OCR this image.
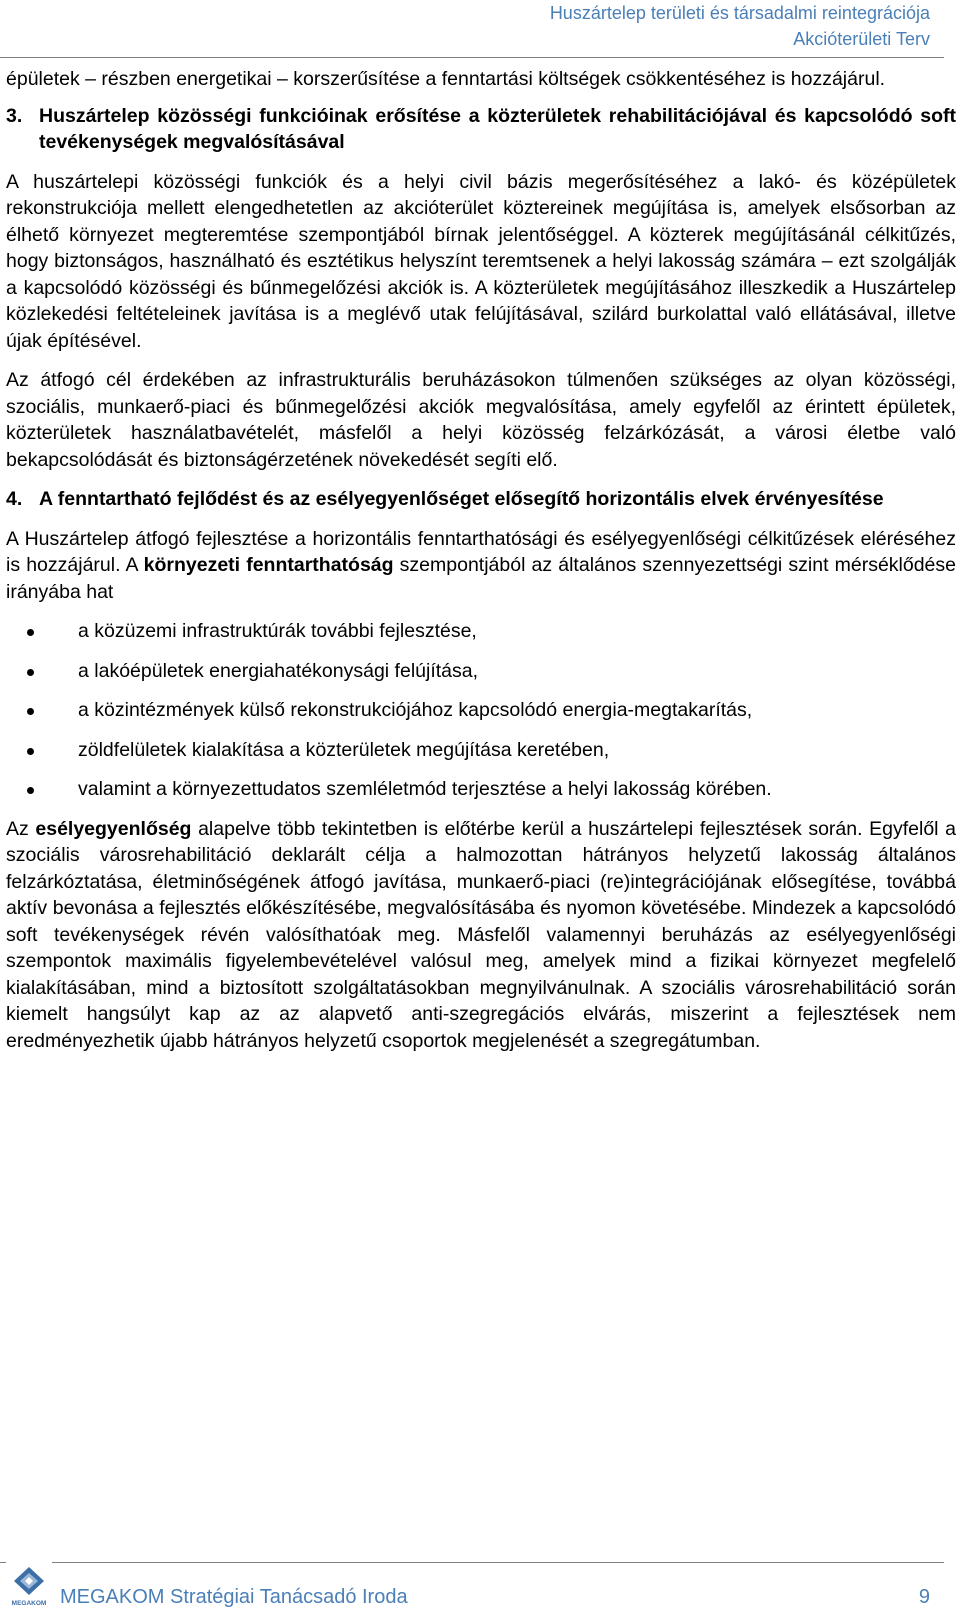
Huszártelep területi és társadalmi reintegrációja
Akcióterületi Terv

épületek – részben energetikai – korszerűsítése a fenntartási költségek csökkentéséhez is hozzájárul.

3. Huszártelep közösségi funkcióinak erősítése a közterületek rehabilitációjával és kapcsolódó soft tevékenységek megvalósításával

A huszártelepi közösségi funkciók és a helyi civil bázis megerősítéséhez a lakó- és középületek rekonstrukciója mellett elengedhetetlen az akcióterület köztereinek megújítása is, amelyek elsősorban az élhető környezet megteremtése szempontjából bírnak jelentőséggel. A közterek megújításánál célkitűzés, hogy biztonságos, használható és esztétikus helyszínt teremtsenek a helyi lakosság számára – ezt szolgálják a kapcsolódó közösségi és bűnmegelőzési akciók is. A közterületek megújításához illeszkedik a Huszártelep közlekedési feltételeinek javítása is a meglévő utak felújításával, szilárd burkolattal való ellátásával, illetve újak építésével.

Az átfogó cél érdekében az infrastrukturális beruházásokon túlmenően szükséges az olyan közösségi, szociális, munkaerő-piaci és bűnmegelőzési akciók megvalósítása, amely egyfelől az érintett épületek, közterületek használatbavételét, másfelől a helyi közösség felzárkózását, a városi életbe való bekapcsolódását és biztonságérzetének növekedését segíti elő.

4. A fenntartható fejlődést és az esélyegyenlőséget elősegítő horizontális elvek érvényesítése

A Huszártelep átfogó fejlesztése a horizontális fenntarthatósági és esélyegyenlőségi célkitűzések eléréséhez is hozzájárul. A környezeti fenntarthatóság szempontjából az általános szennyezettségi szint mérséklődése irányába hat

a közüzemi infrastruktúrák további fejlesztése,
a lakóépületek energiahatékonysági felújítása,
a közintézmények külső rekonstrukciójához kapcsolódó energia-megtakarítás,
zöldfelületek kialakítása a közterületek megújítása keretében,
valamint a környezettudatos szemléletmód terjesztése a helyi lakosság körében.

Az esélyegyenlőség alapelve több tekintetben is előtérbe kerül a huszártelepi fejlesztések során. Egyfelől a szociális városrehabilitáció deklarált célja a halmozottan hátrányos helyzetű lakosság általános felzárkóztatása, életminőségének átfogó javítása, munkaerő-piaci (re)integrációjának elősegítése, továbbá aktív bevonása a fejlesztés előkészítésébe, megvalósításába és nyomon követésébe. Mindezek a kapcsolódó soft tevékenységek révén valósíthatóak meg. Másfelől valamennyi beruházás az esélyegyenlőségi szempontok maximális figyelembevételével valósul meg, amelyek mind a fizikai környezet megfelelő kialakításában, mind a biztosított szolgáltatásokban megnyilvánulnak. A szociális városrehabilitáció során kiemelt hangsúlyt kap az az alapvető anti-szegregációs elvárás, miszerint a fejlesztések nem eredményezhetik újabb hátrányos helyzetű csoportok megjelenését a szegregátumban.

MEGAKOM MEGAKOM Stratégiai Tanácsadó Iroda	9
